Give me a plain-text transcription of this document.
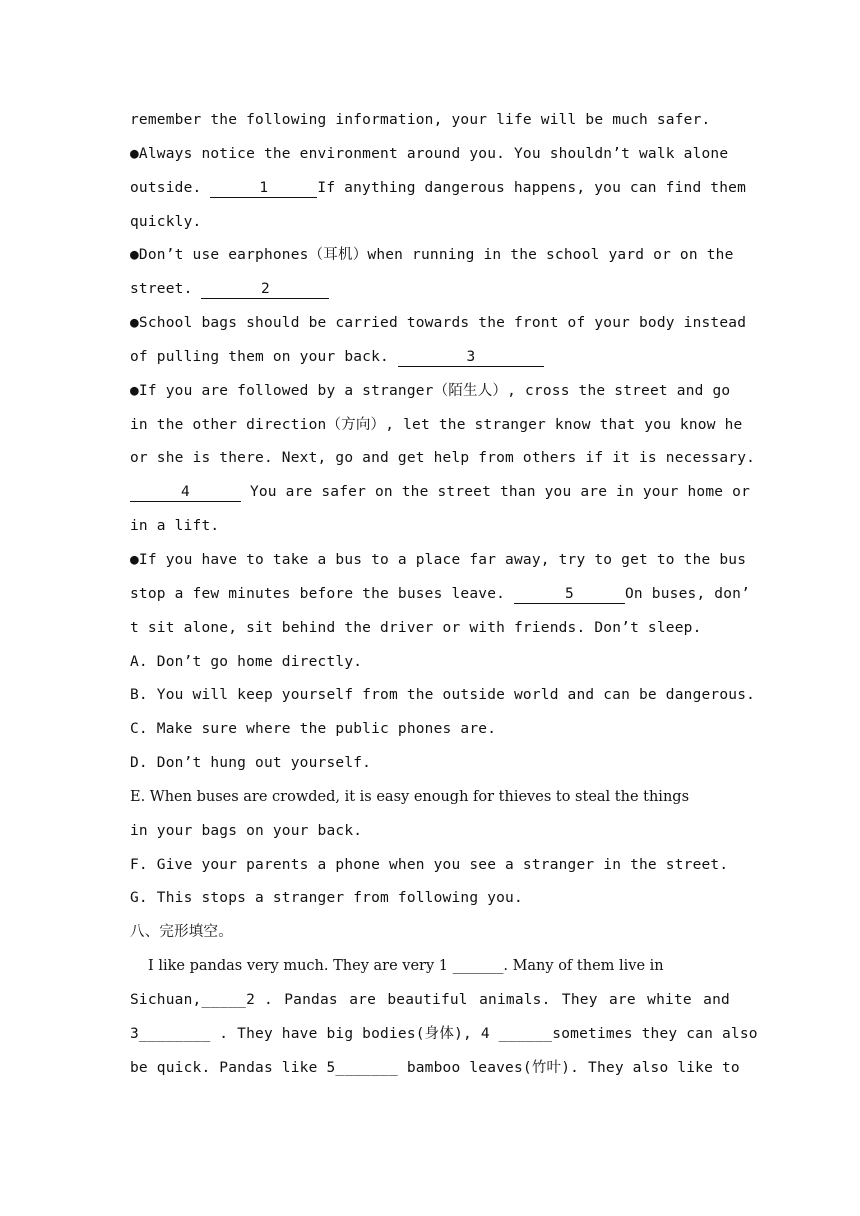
remember the following information, your life will be much safer.
●Always notice the environment around you. You shouldn’t walk alone
outside.	1	If anything dangerous happens, you can find them
quickly.
●Don’t use earphones（耳机）when running in the school yard or on the
street.	2
●School bags should be carried towards the front of your body instead
of pulling them on your back.	3
●If you are followed by a stranger（陌生人）, cross the street and go
in the other direction（方向）, let the stranger know that you know he
or she is there. Next, go and get help from others if it is necessary.
4	You are safer on the street than you are in your home or
in a lift.
●If you have to take a bus to a place far away, try to get to the bus
stop a few minutes before the buses leave.	5	On buses, don’
t sit alone, sit behind the driver or with friends. Don’t sleep.
A. Don’t go home directly.
B. You will keep yourself from the outside world and can be dangerous.
C. Make sure where the public phones are.
D. Don’t hung out yourself.
E. When buses are crowded, it is easy enough for thieves to steal the things
in your bags on your back.
F. Give your parents a phone when you see a stranger in the street.
G. This stops a stranger from following you.
八、完形填空。
I like pandas very much. They are very 1 _______. Many of them live in
Sichuan,_____2 . Pandas are beautiful animals. They are white and
3________ . They have big bodies(身体), 4 ______sometimes they can also
be quick. Pandas like 5_______ bamboo leaves(竹叶). They also like to
